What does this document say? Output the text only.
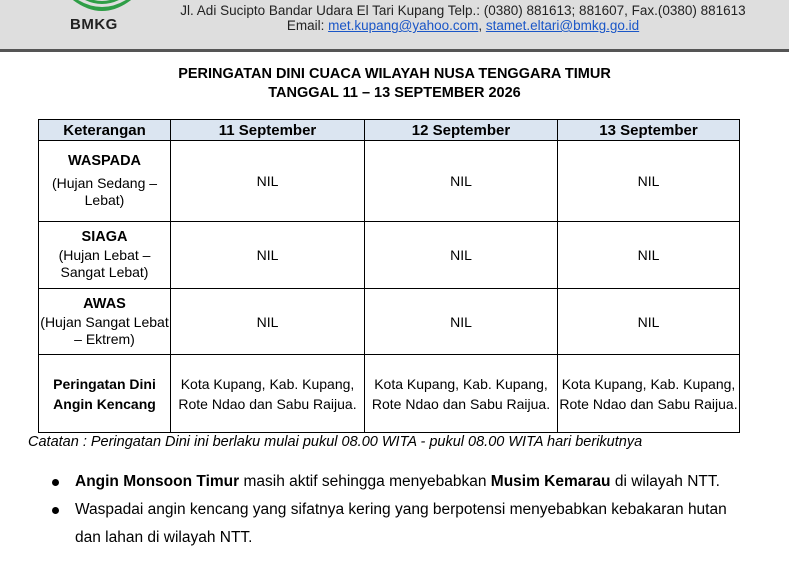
BMKG
Jl. Adi Sucipto Bandar Udara El Tari Kupang Telp.: (0380) 881613; 881607, Fax.(0380) 881613
Email: met.kupang@yahoo.com, stamet.eltari@bmkg.go.id
PERINGATAN DINI CUACA WILAYAH NUSA TENGGARA TIMUR
TANGGAL 11 – 13 SEPTEMBER 2026
Keterangan	11 September	12 September	13 September

WASPADA
(Hujan Sedang – Lebat)	NIL	NIL	NIL

SIAGA
(Hujan Lebat – Sangat Lebat)	NIL	NIL	NIL

AWAS
(Hujan Sangat Lebat – Ektrem)	NIL	NIL	NIL
Peringatan Dini Angin Kencang	Kota Kupang, Kab. Kupang, Rote Ndao dan Sabu Raijua.	Kota Kupang, Kab. Kupang, Rote Ndao dan Sabu Raijua.	Kota Kupang, Kab. Kupang, Rote Ndao dan Sabu Raijua.
Catatan : Peringatan Dini ini berlaku mulai pukul 08.00 WITA - pukul 08.00 WITA hari berikutnya
Angin Monsoon Timur masih aktif sehingga menyebabkan Musim Kemarau di wilayah NTT.
Waspadai angin kencang yang sifatnya kering yang berpotensi menyebabkan kebakaran hutan
dan lahan di wilayah NTT.
